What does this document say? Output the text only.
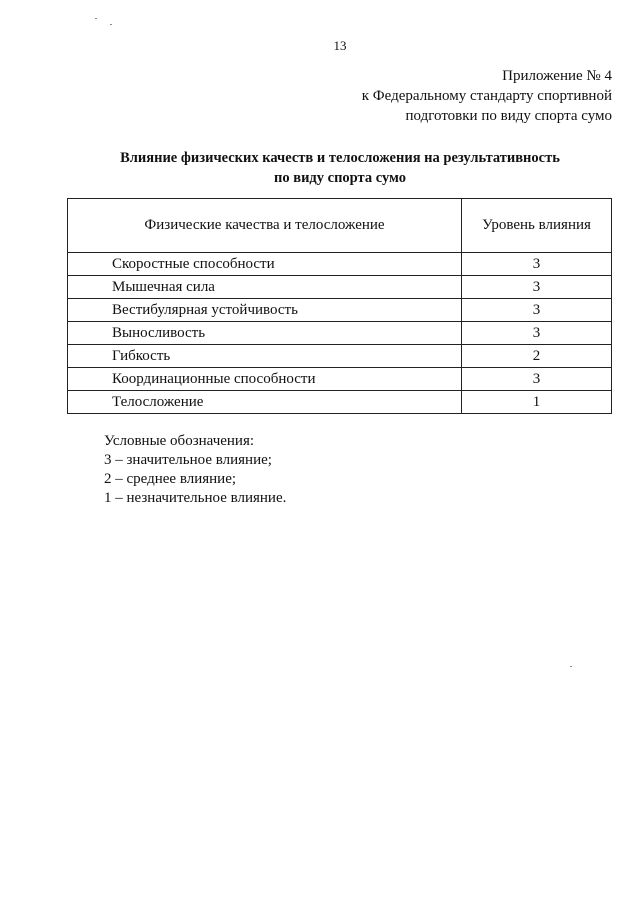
13
Приложение № 4
к Федеральному стандарту спортивной
подготовки по виду спорта сумо
Влияние физических качеств и телосложения на результативность
по виду спорта сумо
Физические качества и телосложение	Уровень влияния
Скоростные способности	3
Мышечная сила	3
Вестибулярная устойчивость	3
Выносливость	3
Гибкость	2
Координационные способности	3
Телосложение	1
Условные обозначения:
3 – значительное влияние;
2 – среднее влияние;
1 – незначительное влияние.
